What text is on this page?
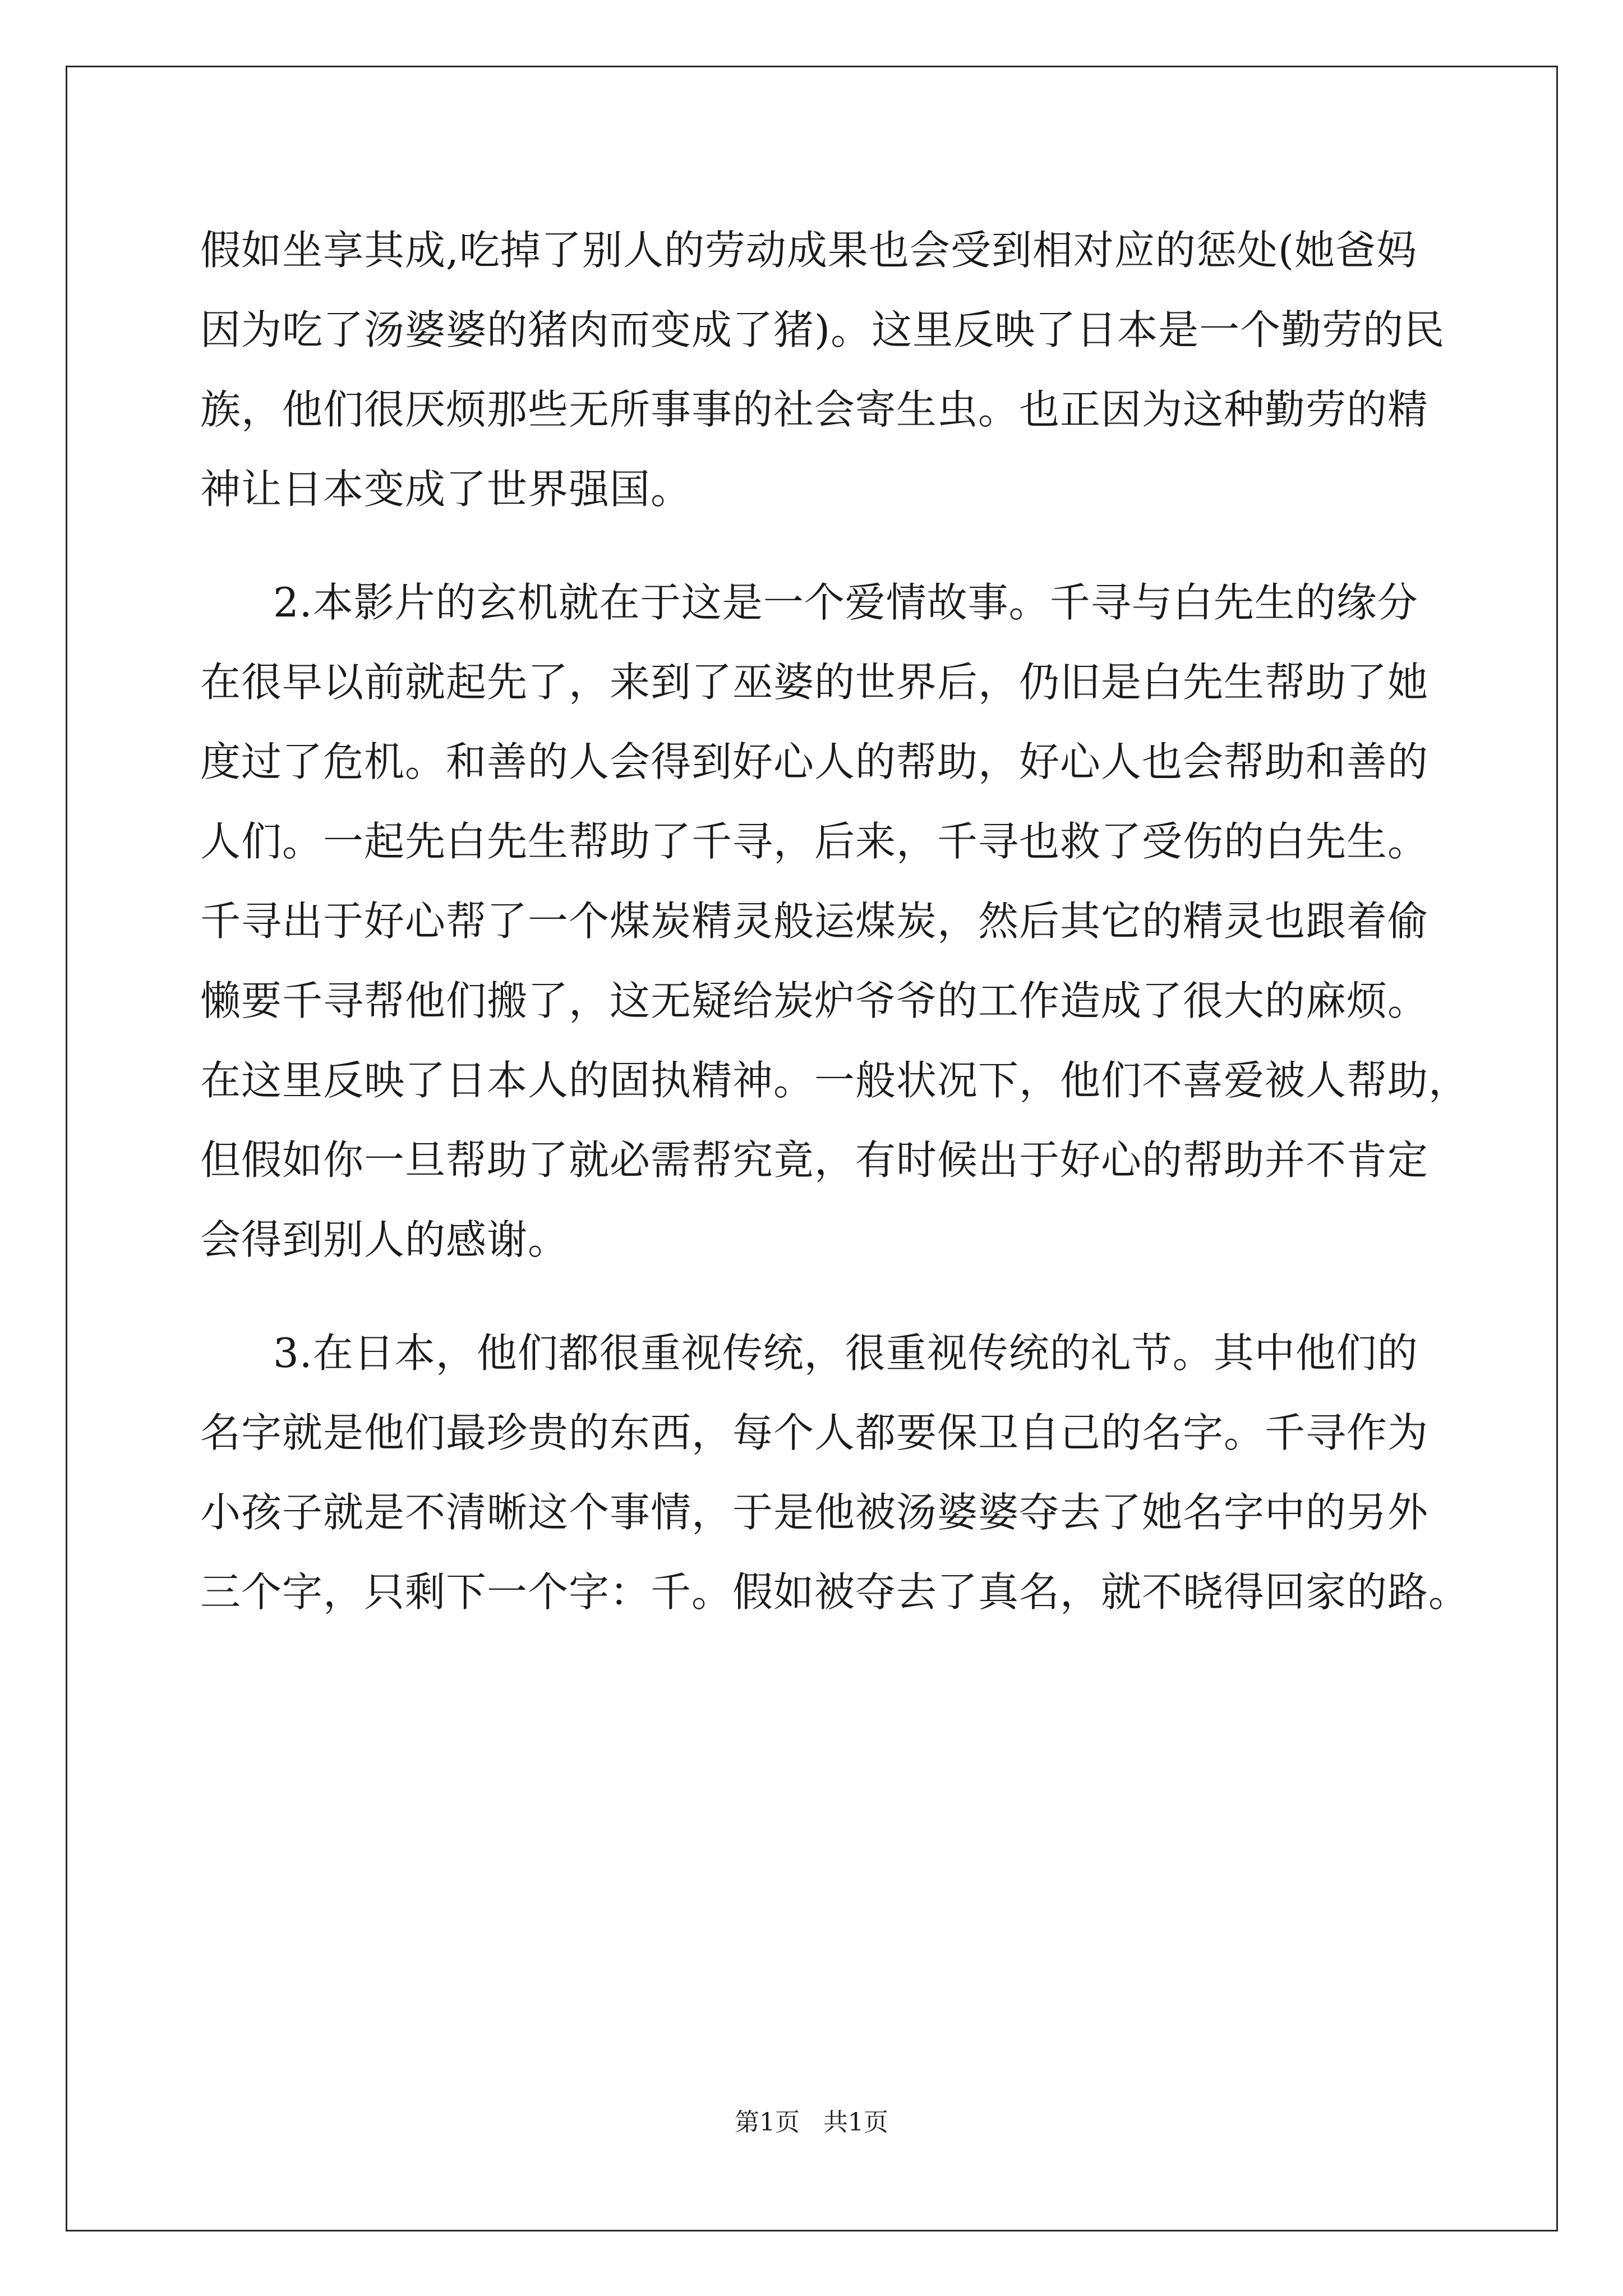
假如坐享其成,吃掉了别人的劳动成果也会受到相对应的惩处(她爸妈
因为吃了汤婆婆的猪肉而变成了猪)。这里反映了日本是一个勤劳的民
族，他们很厌烦那些无所事事的社会寄生虫。也正因为这种勤劳的精
神让日本变成了世界强国。
2.本影片的玄机就在于这是一个爱情故事。千寻与白先生的缘分
在很早以前就起先了，来到了巫婆的世界后，仍旧是白先生帮助了她
度过了危机。和善的人会得到好心人的帮助，好心人也会帮助和善的
人们。一起先白先生帮助了千寻，后来，千寻也救了受伤的白先生。
千寻出于好心帮了一个煤炭精灵般运煤炭，然后其它的精灵也跟着偷
懒要千寻帮他们搬了，这无疑给炭炉爷爷的工作造成了很大的麻烦。
在这里反映了日本人的固执精神。一般状况下，他们不喜爱被人帮助，
但假如你一旦帮助了就必需帮究竟，有时候出于好心的帮助并不肯定
会得到别人的感谢。
3.在日本，他们都很重视传统，很重视传统的礼节。其中他们的
名字就是他们最珍贵的东西，每个人都要保卫自己的名字。千寻作为
小孩子就是不清晰这个事情，于是他被汤婆婆夺去了她名字中的另外
三个字，只剩下一个字：千。假如被夺去了真名，就不晓得回家的路。
第1页 共1页
